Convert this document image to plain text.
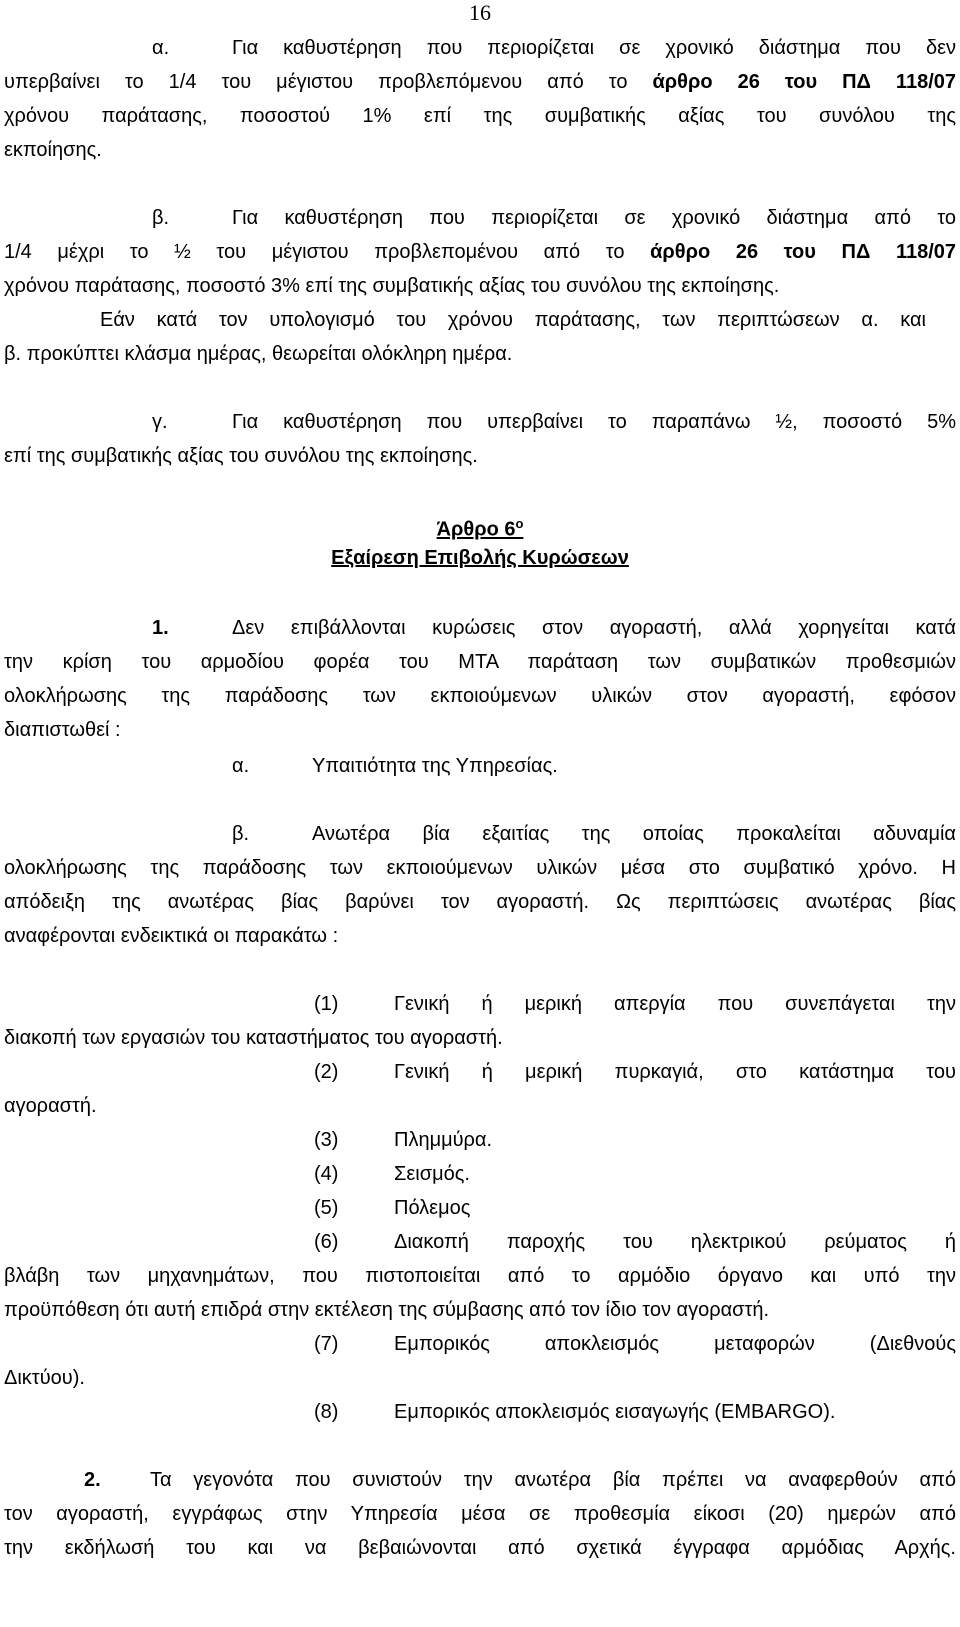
16
α.	Για καθυστέρηση που περιορίζεται σε χρονικό διάστημα που δεν
υπερβαίνει το 1/4 του μέγιστου προβλεπόμενου από το άρθρο 26 του ΠΔ 118/07
χρόνου παράτασης, ποσοστού 1% επί της συμβατικής αξίας του συνόλου της
εκποίησης.
β.	Για καθυστέρηση που περιορίζεται σε χρονικό διάστημα από το
1/4 μέχρι το ½ του μέγιστου προβλεπομένου από το άρθρο 26 του ΠΔ 118/07
χρόνου παράτασης, ποσοστό 3% επί της συμβατικής αξίας του συνόλου της εκποίησης.
Εάν κατά τον υπολογισμό του χρόνου παράτασης, των περιπτώσεων α. και
β. προκύπτει κλάσμα ημέρας, θεωρείται ολόκληρη ημέρα.
γ.	Για καθυστέρηση που υπερβαίνει το παραπάνω ½, ποσοστό 5%
επί της συμβατικής αξίας του συνόλου της εκποίησης.
Άρθρο $6^o$
Εξαίρεση Επιβολής Κυρώσεων
1.	Δεν επιβάλλονται κυρώσεις στον αγοραστή, αλλά χορηγείται κατά
την κρίση του αρμοδίου φορέα του ΜΤΑ παράταση των συμβατικών προθεσμιών
ολοκλήρωσης της παράδοσης των εκποιούμενων υλικών στον αγοραστή, εφόσον
διαπιστωθεί :
α.	Υπαιτιότητα της Υπηρεσίας.
β.	Ανωτέρα βία εξαιτίας της οποίας προκαλείται αδυναμία
ολοκλήρωσης της παράδοσης των εκποιούμενων υλικών μέσα στο συμβατικό χρόνο. Η
απόδειξη της ανωτέρας βίας βαρύνει τον αγοραστή. Ως περιπτώσεις ανωτέρας βίας
αναφέρονται ενδεικτικά οι παρακάτω :
(1)	Γενική ή μερική απεργία που συνεπάγεται την
διακοπή των εργασιών του καταστήματος του αγοραστή.
(2)	Γενική ή μερική πυρκαγιά, στο κατάστημα του
αγοραστή.
(3)	Πλημμύρα.
(4)	Σεισμός.
(5)	Πόλεμος
(6)	Διακοπή παροχής του ηλεκτρικού ρεύματος ή
βλάβη των μηχανημάτων, που πιστοποιείται από το αρμόδιο όργανο και υπό την
προϋπόθεση ότι αυτή επιδρά στην εκτέλεση της σύμβασης από τον ίδιο τον αγοραστή.
(7)	Εμπορικός αποκλεισμός μεταφορών (Διεθνούς
Δικτύου).
(8)	Εμπορικός αποκλεισμός εισαγωγής (EMBARGO).
2. Τα γεγονότα που συνιστούν την ανωτέρα βία πρέπει να αναφερθούν από
τον αγοραστή, εγγράφως στην Υπηρεσία μέσα σε προθεσμία είκοσι (20) ημερών από
την εκδήλωσή του και να βεβαιώνονται από σχετικά έγγραφα αρμόδιας Αρχής.
